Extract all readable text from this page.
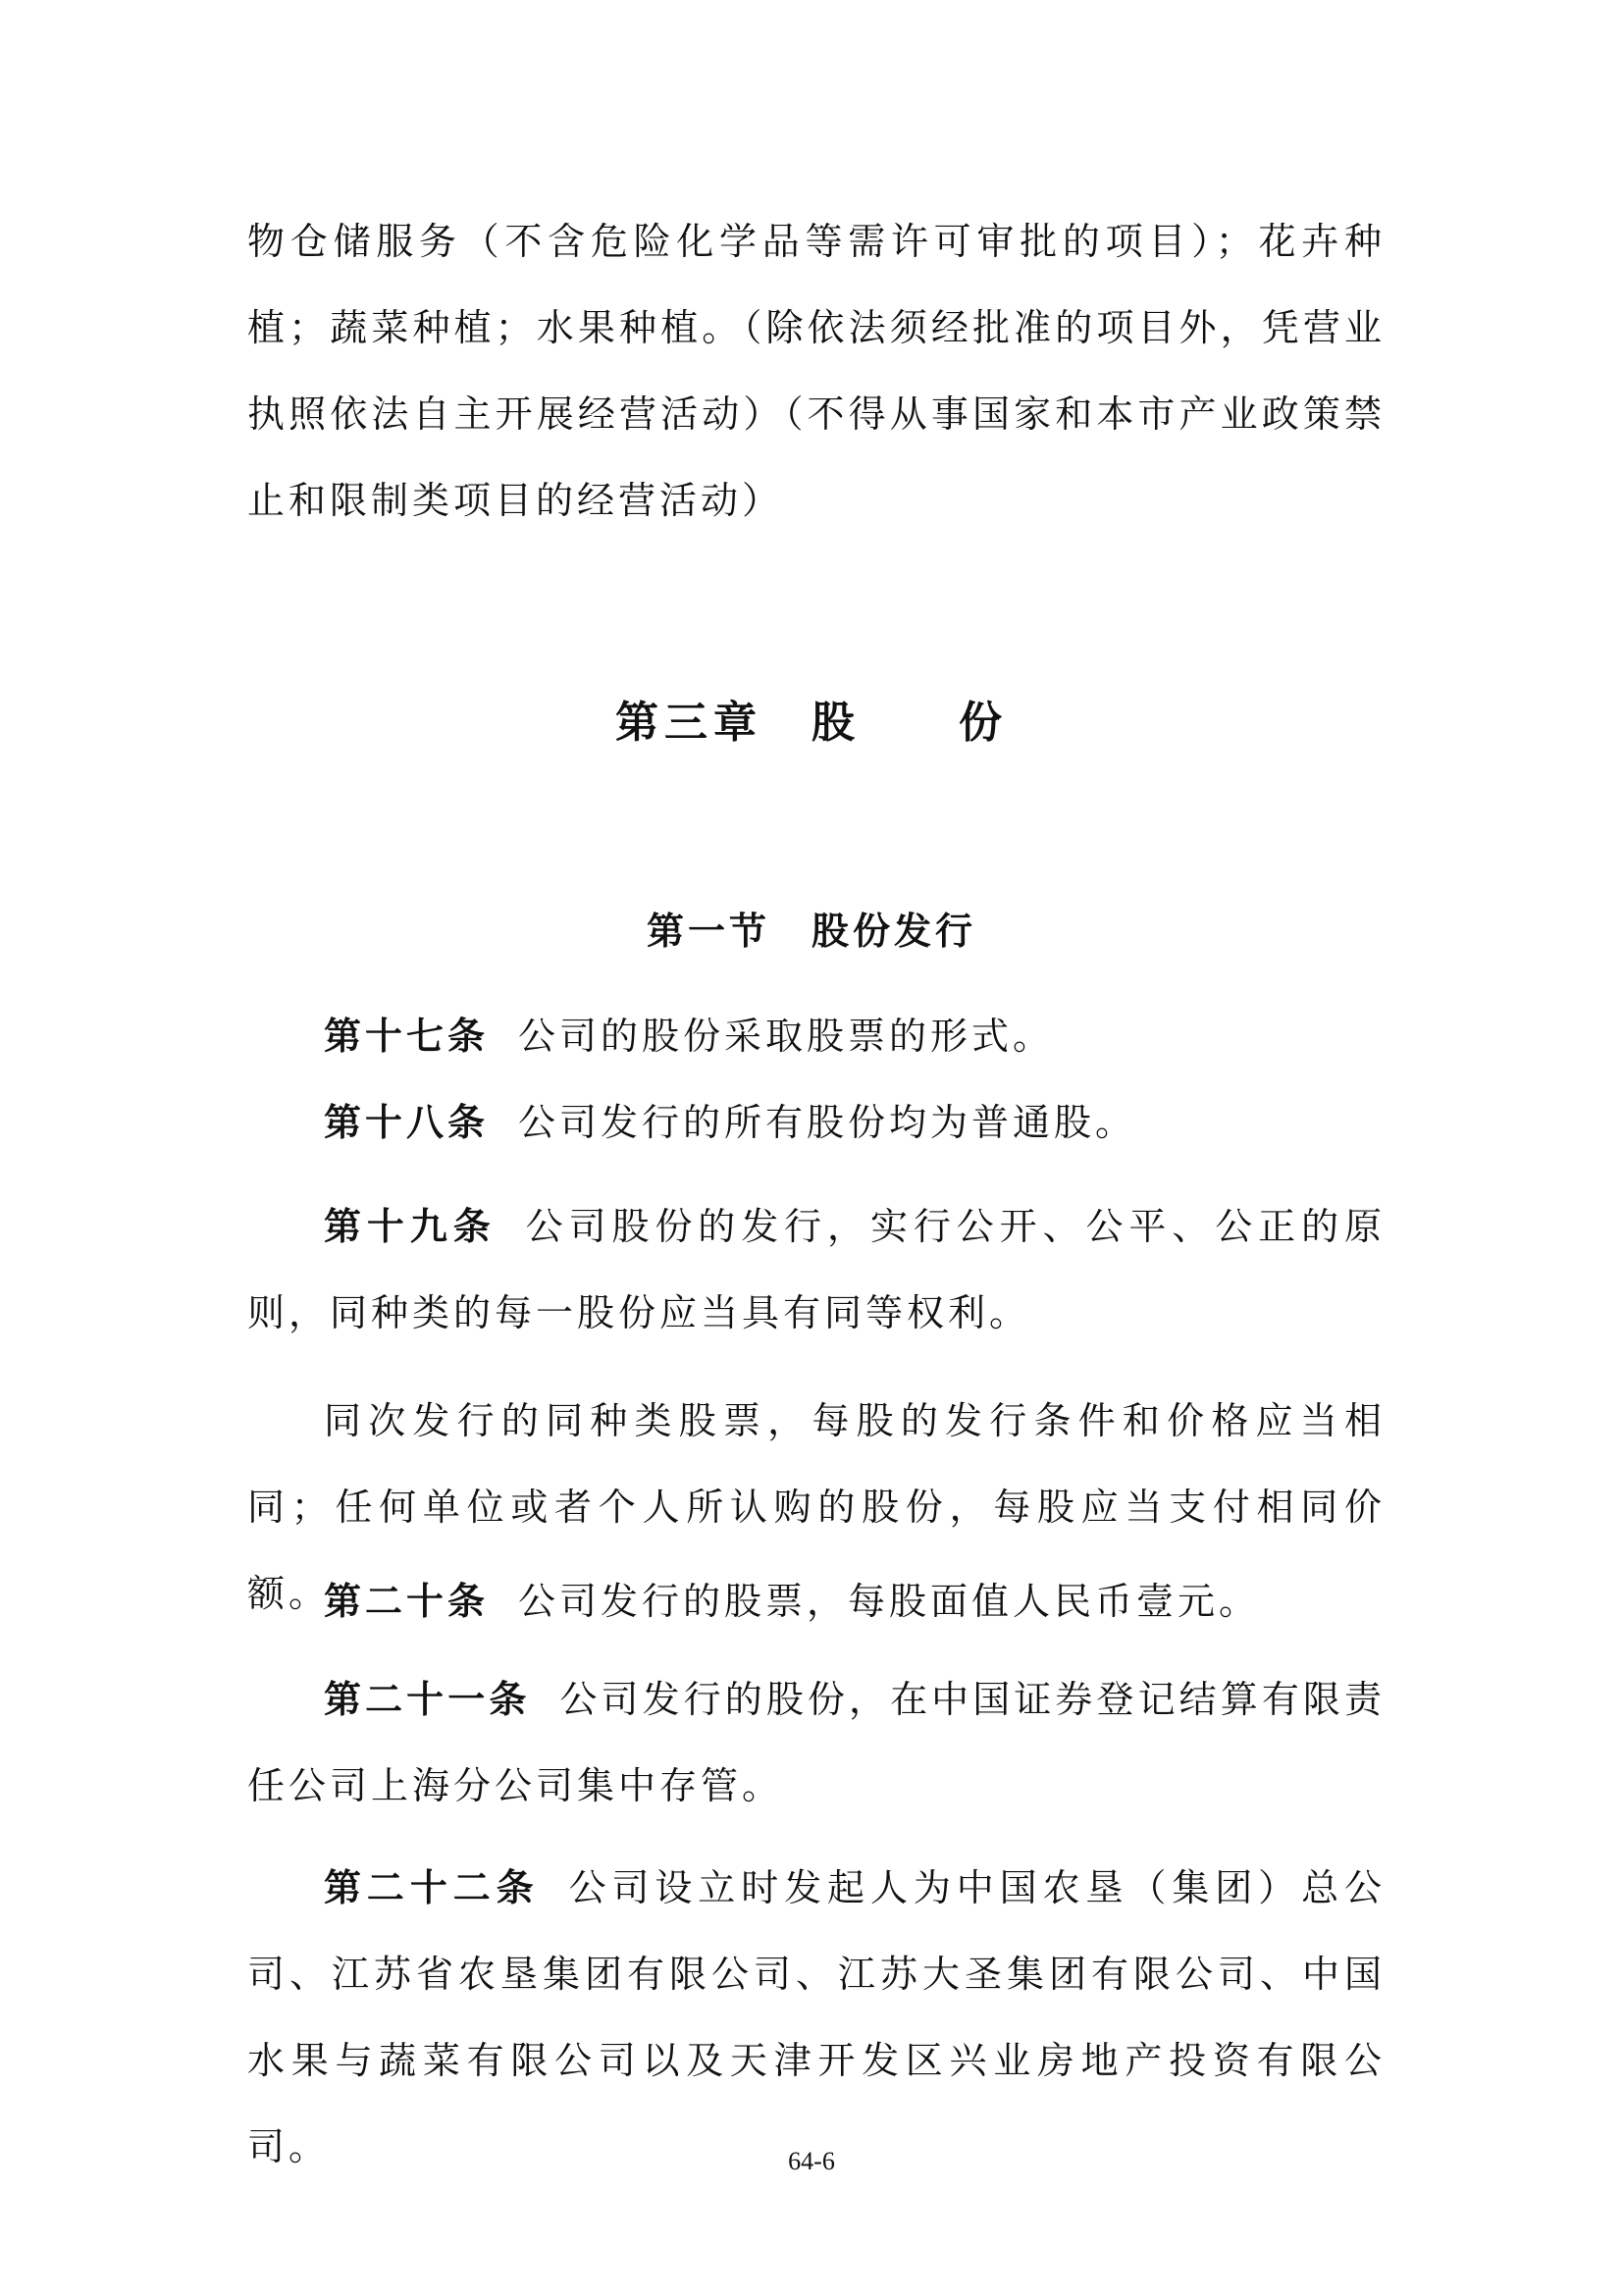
物仓储服务（不含危险化学品等需许可审批的项目）；花卉种植；蔬菜种植；水果种植。（除依法须经批准的项目外，凭营业执照依法自主开展经营活动）（不得从事国家和本市产业政策禁止和限制类项目的经营活动）

第三章　股　　份
第一节　股份发行

第十七条 公司的股份采取股票的形式。

第十八条 公司发行的所有股份均为普通股。

第十九条 公司股份的发行，实行公开、公平、公正的原则，同种类的每一股份应当具有同等权利。

同次发行的同种类股票，每股的发行条件和价格应当相同；任何单位或者个人所认购的股份，每股应当支付相同价额。

第二十条 公司发行的股票，每股面值人民币壹元。

第二十一条 公司发行的股份，在中国证券登记结算有限责任公司上海分公司集中存管。

第二十二条 公司设立时发起人为中国农垦（集团）总公司、江苏省农垦集团有限公司、江苏大圣集团有限公司、中国水果与蔬菜有限公司以及天津开发区兴业房地产投资有限公司。	64-6
